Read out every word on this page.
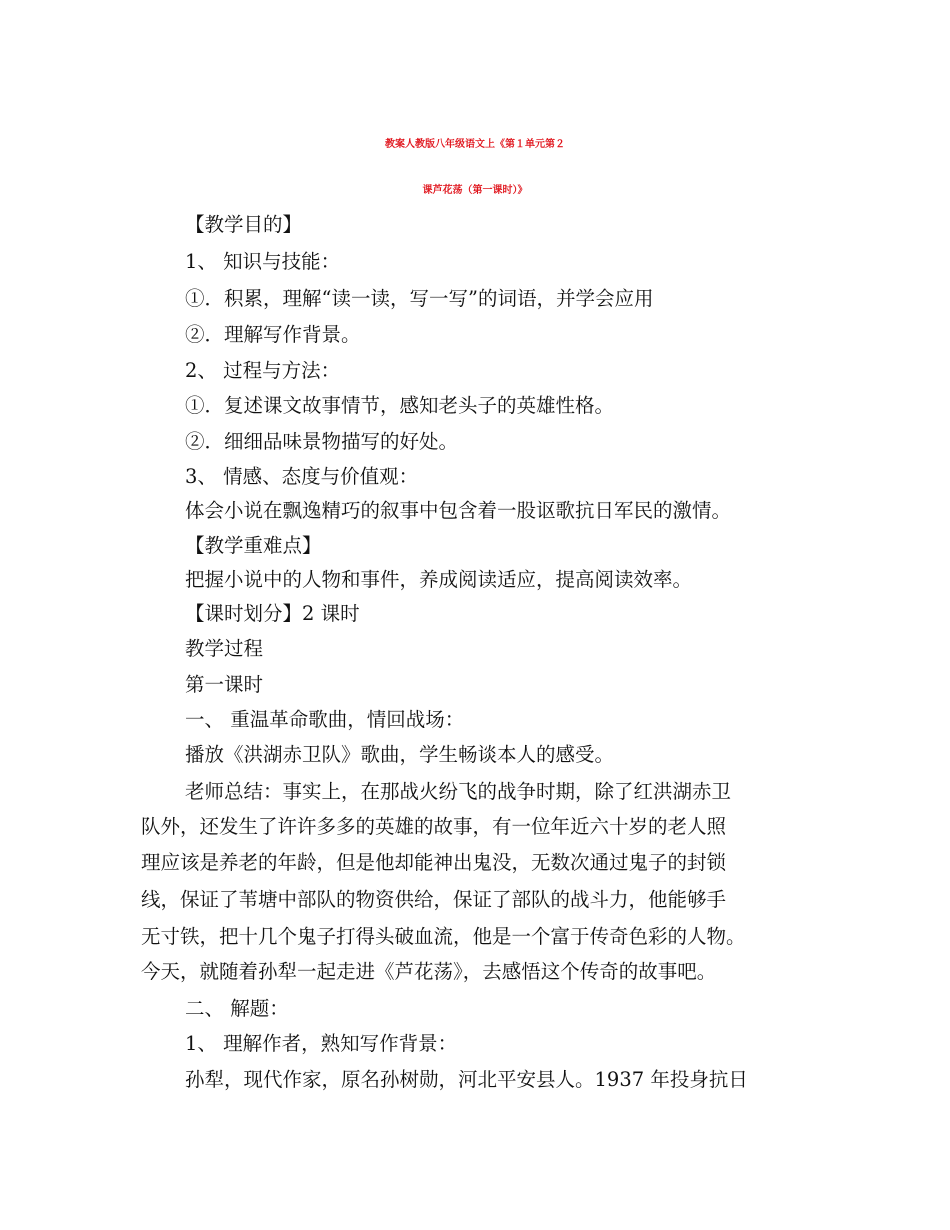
教案人教版八年级语文上《第１单元第２
课芦花荡（第一课时）》
【教学目的】
1、 知识与技能：
①．积累，理解“读一读，写一写”的词语，并学会应用
②．理解写作背景。
2、 过程与方法：
①．复述课文故事情节，感知老头子的英雄性格。
②．细细品味景物描写的好处。
3、 情感、态度与价值观：
体会小说在飘逸精巧的叙事中包含着一股讴歌抗日军民的激情。
【教学重难点】
把握小说中的人物和事件，养成阅读适应，提高阅读效率。
【课时划分】2 课时
教学过程
第一课时
一、 重温革命歌曲，情回战场：
播放《洪湖赤卫队》歌曲，学生畅谈本人的感受。
老师总结：事实上，在那战火纷飞的战争时期，除了红洪湖赤卫
队外，还发生了许许多多的英雄的故事，有一位年近六十岁的老人照
理应该是养老的年龄，但是他却能神出鬼没，无数次通过鬼子的封锁
线，保证了苇塘中部队的物资供给，保证了部队的战斗力，他能够手
无寸铁，把十几个鬼子打得头破血流，他是一个富于传奇色彩的人物。
今天，就随着孙犁一起走进《芦花荡》，去感悟这个传奇的故事吧。
二、 解题：
1、 理解作者，熟知写作背景：
孙犁，现代作家，原名孙树勋，河北平安县人。1937 年投身抗日
